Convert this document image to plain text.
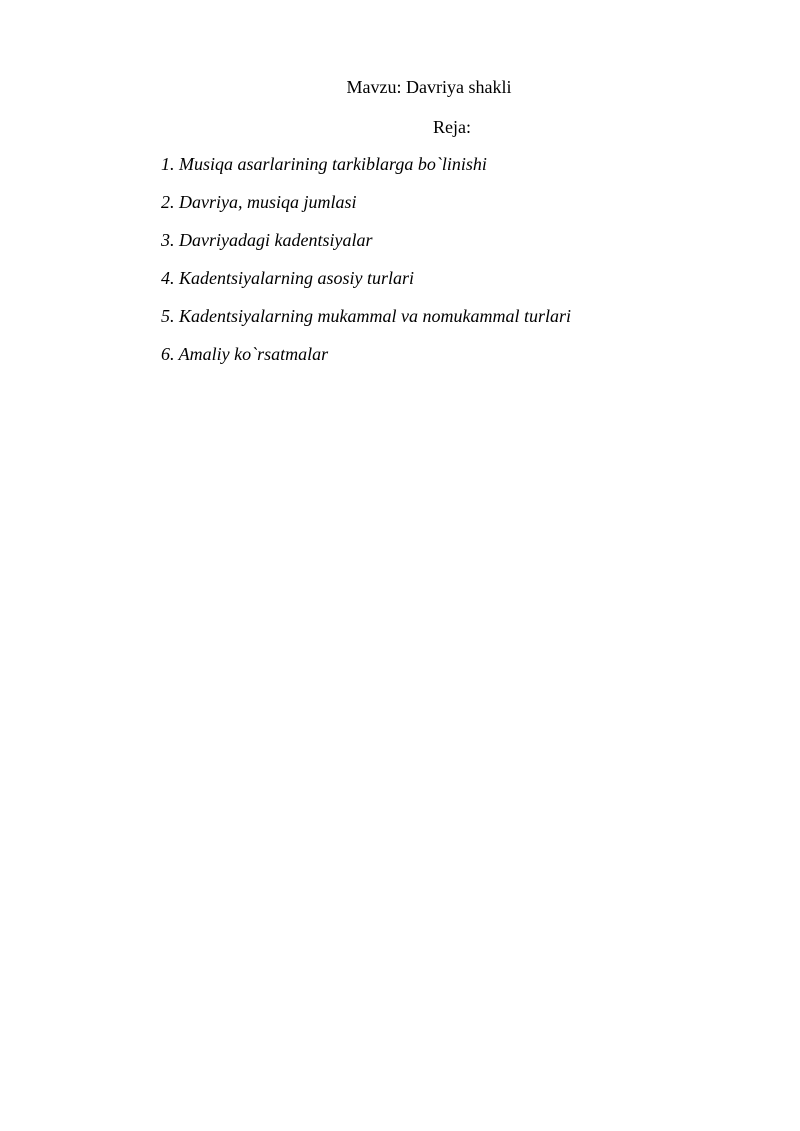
Mavzu: Davriya shakli
Reja:
1. Musiqa asarlarining tarkiblarga bo`linishi
2. Davriya, musiqa jumlasi
3. Davriyadagi kadentsiyalar
4. Kadentsiyalarning asosiy turlari
5. Kadentsiyalarning mukammal va nomukammal turlari
6. Amaliy ko`rsatmalar
